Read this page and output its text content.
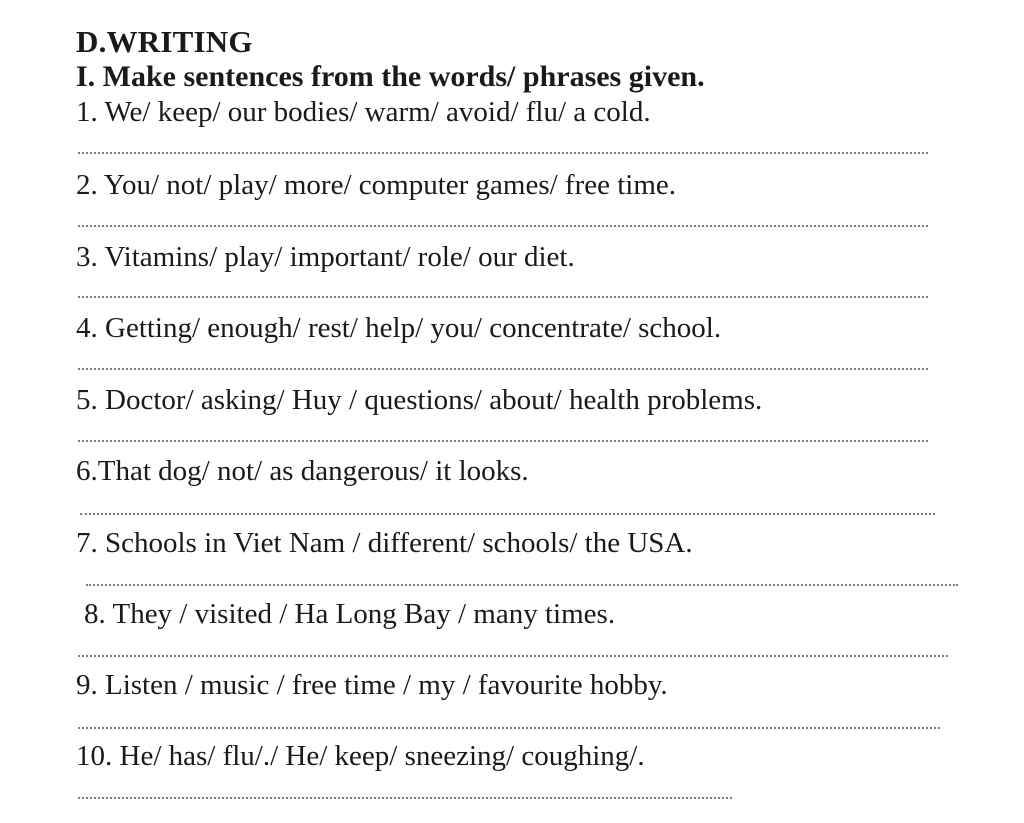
D.WRITING
I. Make sentences from the words/ phrases given.
1. We/ keep/ our bodies/ warm/ avoid/ flu/ a cold.
2. You/ not/ play/ more/ computer games/ free time.
3. Vitamins/ play/ important/ role/ our diet.
4. Getting/ enough/ rest/ help/ you/ concentrate/ school.
5. Doctor/ asking/ Huy / questions/ about/ health problems.
6.That dog/ not/ as dangerous/ it looks.
7. Schools in Viet Nam / different/ schools/ the USA.
8. They / visited / Ha Long Bay / many times.
9. Listen / music / free time / my / favourite hobby.
10. He/ has/ flu/./ He/ keep/ sneezing/ coughing/.
